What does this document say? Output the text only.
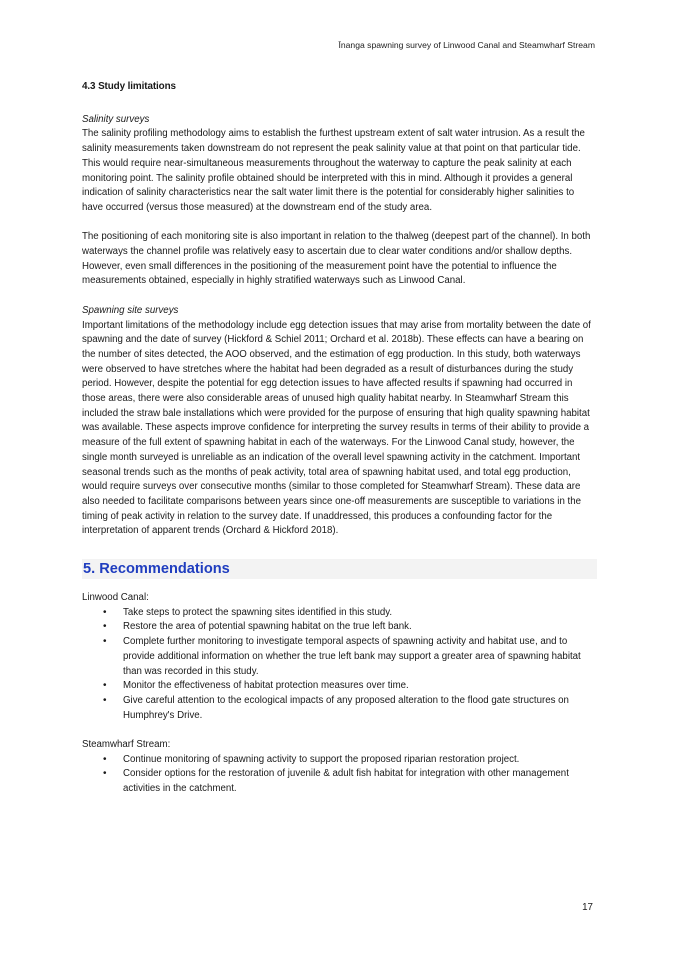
Īnanga spawning survey of Linwood Canal and Steamwharf Stream
4.3 Study limitations

Salinity surveys

The salinity profiling methodology aims to establish the furthest upstream extent of salt water intrusion. As a result the salinity measurements taken downstream do not represent the peak salinity value at that point on that particular tide. This would require near-simultaneous measurements throughout the waterway to capture the peak salinity at each monitoring point. The salinity profile obtained should be interpreted with this in mind. Although it provides a general indication of salinity characteristics near the salt water limit there is the potential for considerably higher salinities to have occurred (versus those measured) at the downstream end of the study area.

The positioning of each monitoring site is also important in relation to the thalweg (deepest part of the channel). In both waterways the channel profile was relatively easy to ascertain due to clear water conditions and/or shallow depths. However, even small differences in the positioning of the measurement point have the potential to influence the measurements obtained, especially in highly stratified waterways such as Linwood Canal.

Spawning site surveys

Important limitations of the methodology include egg detection issues that may arise from mortality between the date of spawning and the date of survey (Hickford & Schiel 2011; Orchard et al. 2018b). These effects can have a bearing on the number of sites detected, the AOO observed, and the estimation of egg production. In this study, both waterways were observed to have stretches where the habitat had been degraded as a result of disturbances during the study period. However, despite the potential for egg detection issues to have affected results if spawning had occurred in those areas, there were also considerable areas of unused high quality habitat nearby. In Steamwharf Stream this included the straw bale installations which were provided for the purpose of ensuring that high quality spawning habitat was available. These aspects improve confidence for interpreting the survey results in terms of their ability to provide a measure of the full extent of spawning habitat in each of the waterways. For the Linwood Canal study, however, the single month surveyed is unreliable as an indication of the overall level spawning activity in the catchment. Important seasonal trends such as the months of peak activity, total area of spawning habitat used, and total egg production, would require surveys over consecutive months (similar to those completed for Steamwharf Stream). These data are also needed to facilitate comparisons between years since one-off measurements are susceptible to variations in the timing of peak activity in relation to the survey date. If unaddressed, this produces a confounding factor for the interpretation of apparent trends (Orchard & Hickford 2018).

5. Recommendations

Linwood Canal:

• Take steps to protect the spawning sites identified in this study.
• Restore the area of potential spawning habitat on the true left bank.
• Complete further monitoring to investigate temporal aspects of spawning activity and habitat use, and to provide additional information on whether the true left bank may support a greater area of spawning habitat than was recorded in this study.
• Monitor the effectiveness of habitat protection measures over time.
• Give careful attention to the ecological impacts of any proposed alteration to the flood gate structures on Humphrey's Drive.

Steamwharf Stream:

• Continue monitoring of spawning activity to support the proposed riparian restoration project.
• Consider options for the restoration of juvenile & adult fish habitat for integration with other management activities in the catchment.
17
